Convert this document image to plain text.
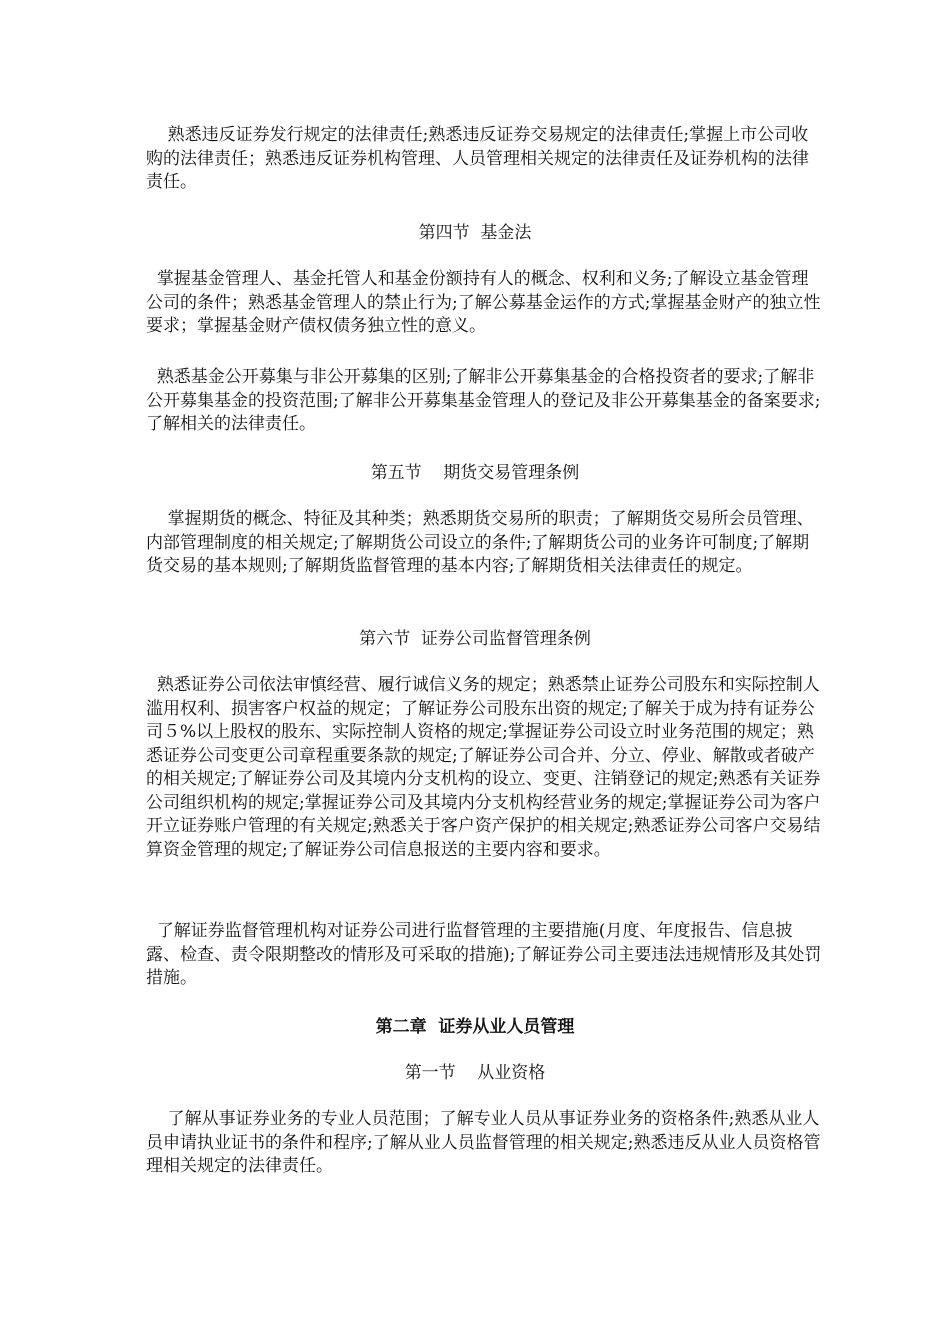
熟悉违反证券发行规定的法律责任;熟悉违反证券交易规定的法律责任;掌握上市公司收购的法律责任；熟悉违反证券机构管理、人员管理相关规定的法律责任及证券机构的法律责任。

第四节  基金法

掌握基金管理人、基金托管人和基金份额持有人的概念、权利和义务;了解设立基金管理公司的条件；熟悉基金管理人的禁止行为;了解公募基金运作的方式;掌握基金财产的独立性要求；掌握基金财产债权债务独立性的意义。

熟悉基金公开募集与非公开募集的区别;了解非公开募集基金的合格投资者的要求;了解非公开募集基金的投资范围;了解非公开募集基金管理人的登记及非公开募集基金的备案要求;了解相关的法律责任。

第五节    期货交易管理条例

掌握期货的概念、特征及其种类；熟悉期货交易所的职责；了解期货交易所会员管理、内部管理制度的相关规定;了解期货公司设立的条件;了解期货公司的业务许可制度;了解期货交易的基本规则;了解期货监督管理的基本内容;了解期货相关法律责任的规定。

第六节  证券公司监督管理条例

熟悉证券公司依法审慎经营、履行诚信义务的规定；熟悉禁止证券公司股东和实际控制人滥用权利、损害客户权益的规定；了解证券公司股东出资的规定;了解关于成为持有证券公司５%以上股权的股东、实际控制人资格的规定;掌握证券公司设立时业务范围的规定；熟悉证券公司变更公司章程重要条款的规定;了解证券公司合并、分立、停业、解散或者破产的相关规定;了解证券公司及其境内分支机构的设立、变更、注销登记的规定;熟悉有关证券公司组织机构的规定;掌握证券公司及其境内分支机构经营业务的规定;掌握证券公司为客户开立证券账户管理的有关规定;熟悉关于客户资产保护的相关规定;熟悉证券公司客户交易结算资金管理的规定;了解证券公司信息报送的主要内容和要求。

了解证券监督管理机构对证券公司进行监督管理的主要措施(月度、年度报告、信息披露、检查、责令限期整改的情形及可采取的措施);了解证券公司主要违法违规情形及其处罚措施。

第二章  证券从业人员管理

第一节    从业资格

了解从事证券业务的专业人员范围；了解专业人员从事证券业务的资格条件;熟悉从业人员申请执业证书的条件和程序;了解从业人员监督管理的相关规定;熟悉违反从业人员资格管理相关规定的法律责任。
